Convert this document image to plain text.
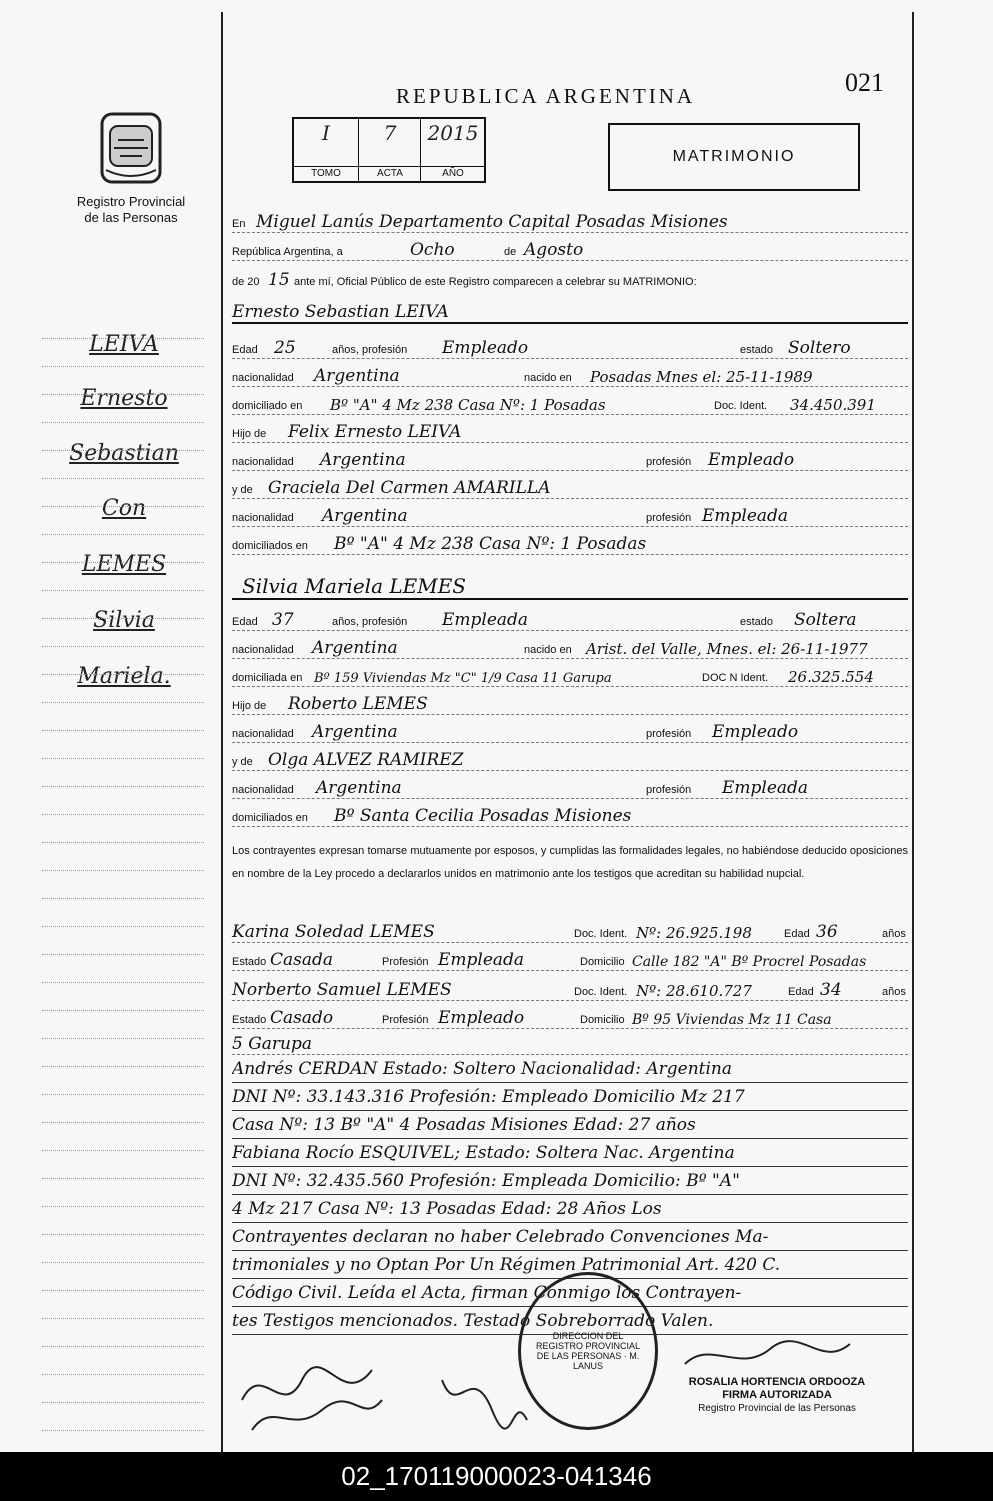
Registro Provincial
de las Personas
LEIVA
Ernesto
Sebastian
Con
LEMES
Silvia
Mariela.
021
REPUBLICA ARGENTINA
I
TOMO
7
ACTA
2015
AÑO
MATRIMONIO
En Miguel Lanús Departamento Capital Posadas Misiones
República Argentina, a	Ocho	de Agosto
de 20 15 ante mí, Oficial Público de este Registro comparecen a celebrar su MATRIMONIO:
Ernesto Sebastian LEIVA
Edad 25	años, profesión Empleado	estado Soltero
nacionalidad Argentina	nacido en Posadas Mnes el: 25-11-1989
domiciliado en Bº "A" 4 Mz 238 Casa Nº: 1 Posadas	Doc. Ident. 34.450.391
Hijo de Felix Ernesto LEIVA
nacionalidad Argentina	profesión Empleado
y de Graciela Del Carmen AMARILLA
nacionalidad Argentina	profesión Empleada
domiciliados en Bº "A" 4 Mz 238 Casa Nº: 1 Posadas
Silvia Mariela LEMES
Edad 37	años, profesión Empleada	estado Soltera
nacionalidad Argentina	nacido en Arist. del Valle, Mnes. el: 26-11-1977
domiciliada en Bº 159 Viviendas Mz "C" 1/9 Casa 11 Garupa	DOC N Ident. 26.325.554
Hijo de Roberto LEMES
nacionalidad Argentina	profesión Empleado
y de Olga ALVEZ RAMIREZ
nacionalidad Argentina	profesión Empleada
domiciliados en Bº Santa Cecilia Posadas Misiones
Los contrayentes expresan tomarse mutuamente por esposos, y cumplidas las formalidades legales, no habiéndose deducido oposiciones en nombre de la Ley procedo a declararlos unidos en matrimonio ante los testigos que acreditan su habilidad nupcial.
Karina Soledad LEMES	Doc. Ident. Nº: 26.925.198	Edad 36	años
Estado Casada	Profesión Empleada	Domicilio Calle 182 "A" Bº Procrel Posadas
Norberto Samuel LEMES	Doc. Ident. Nº: 28.610.727	Edad 34	años
Estado Casado	Profesión Empleado	Domicilio Bº 95 Viviendas Mz 11 Casa
5 Garupa
Andrés CERDAN Estado: Soltero Nacionalidad: Argentina
DNI Nº: 33.143.316 Profesión: Empleado Domicilio Mz 217
Casa Nº: 13 Bº "A" 4 Posadas Misiones Edad: 27 años
Fabiana Rocío ESQUIVEL; Estado: Soltera Nac. Argentina
DNI Nº: 32.435.560 Profesión: Empleada Domicilio: Bº "A"
4 Mz 217 Casa Nº: 13 Posadas Edad: 28 Años Los
Contrayentes declaran no haber Celebrado Convenciones Ma-
trimoniales y no Optan Por Un Régimen Patrimonial Art. 420 C.
Código Civil. Leída el Acta, firman Conmigo los Contrayen-
tes Testigos mencionados. Testado Sobreborrado Valen.
DIRECCION DEL REGISTRO PROVINCIAL DE LAS PERSONAS · M. LANUS
ROSALIA HORTENCIA ORDOOZA
FIRMA AUTORIZADA
Registro Provincial de las Personas
02_170119000023-041346
